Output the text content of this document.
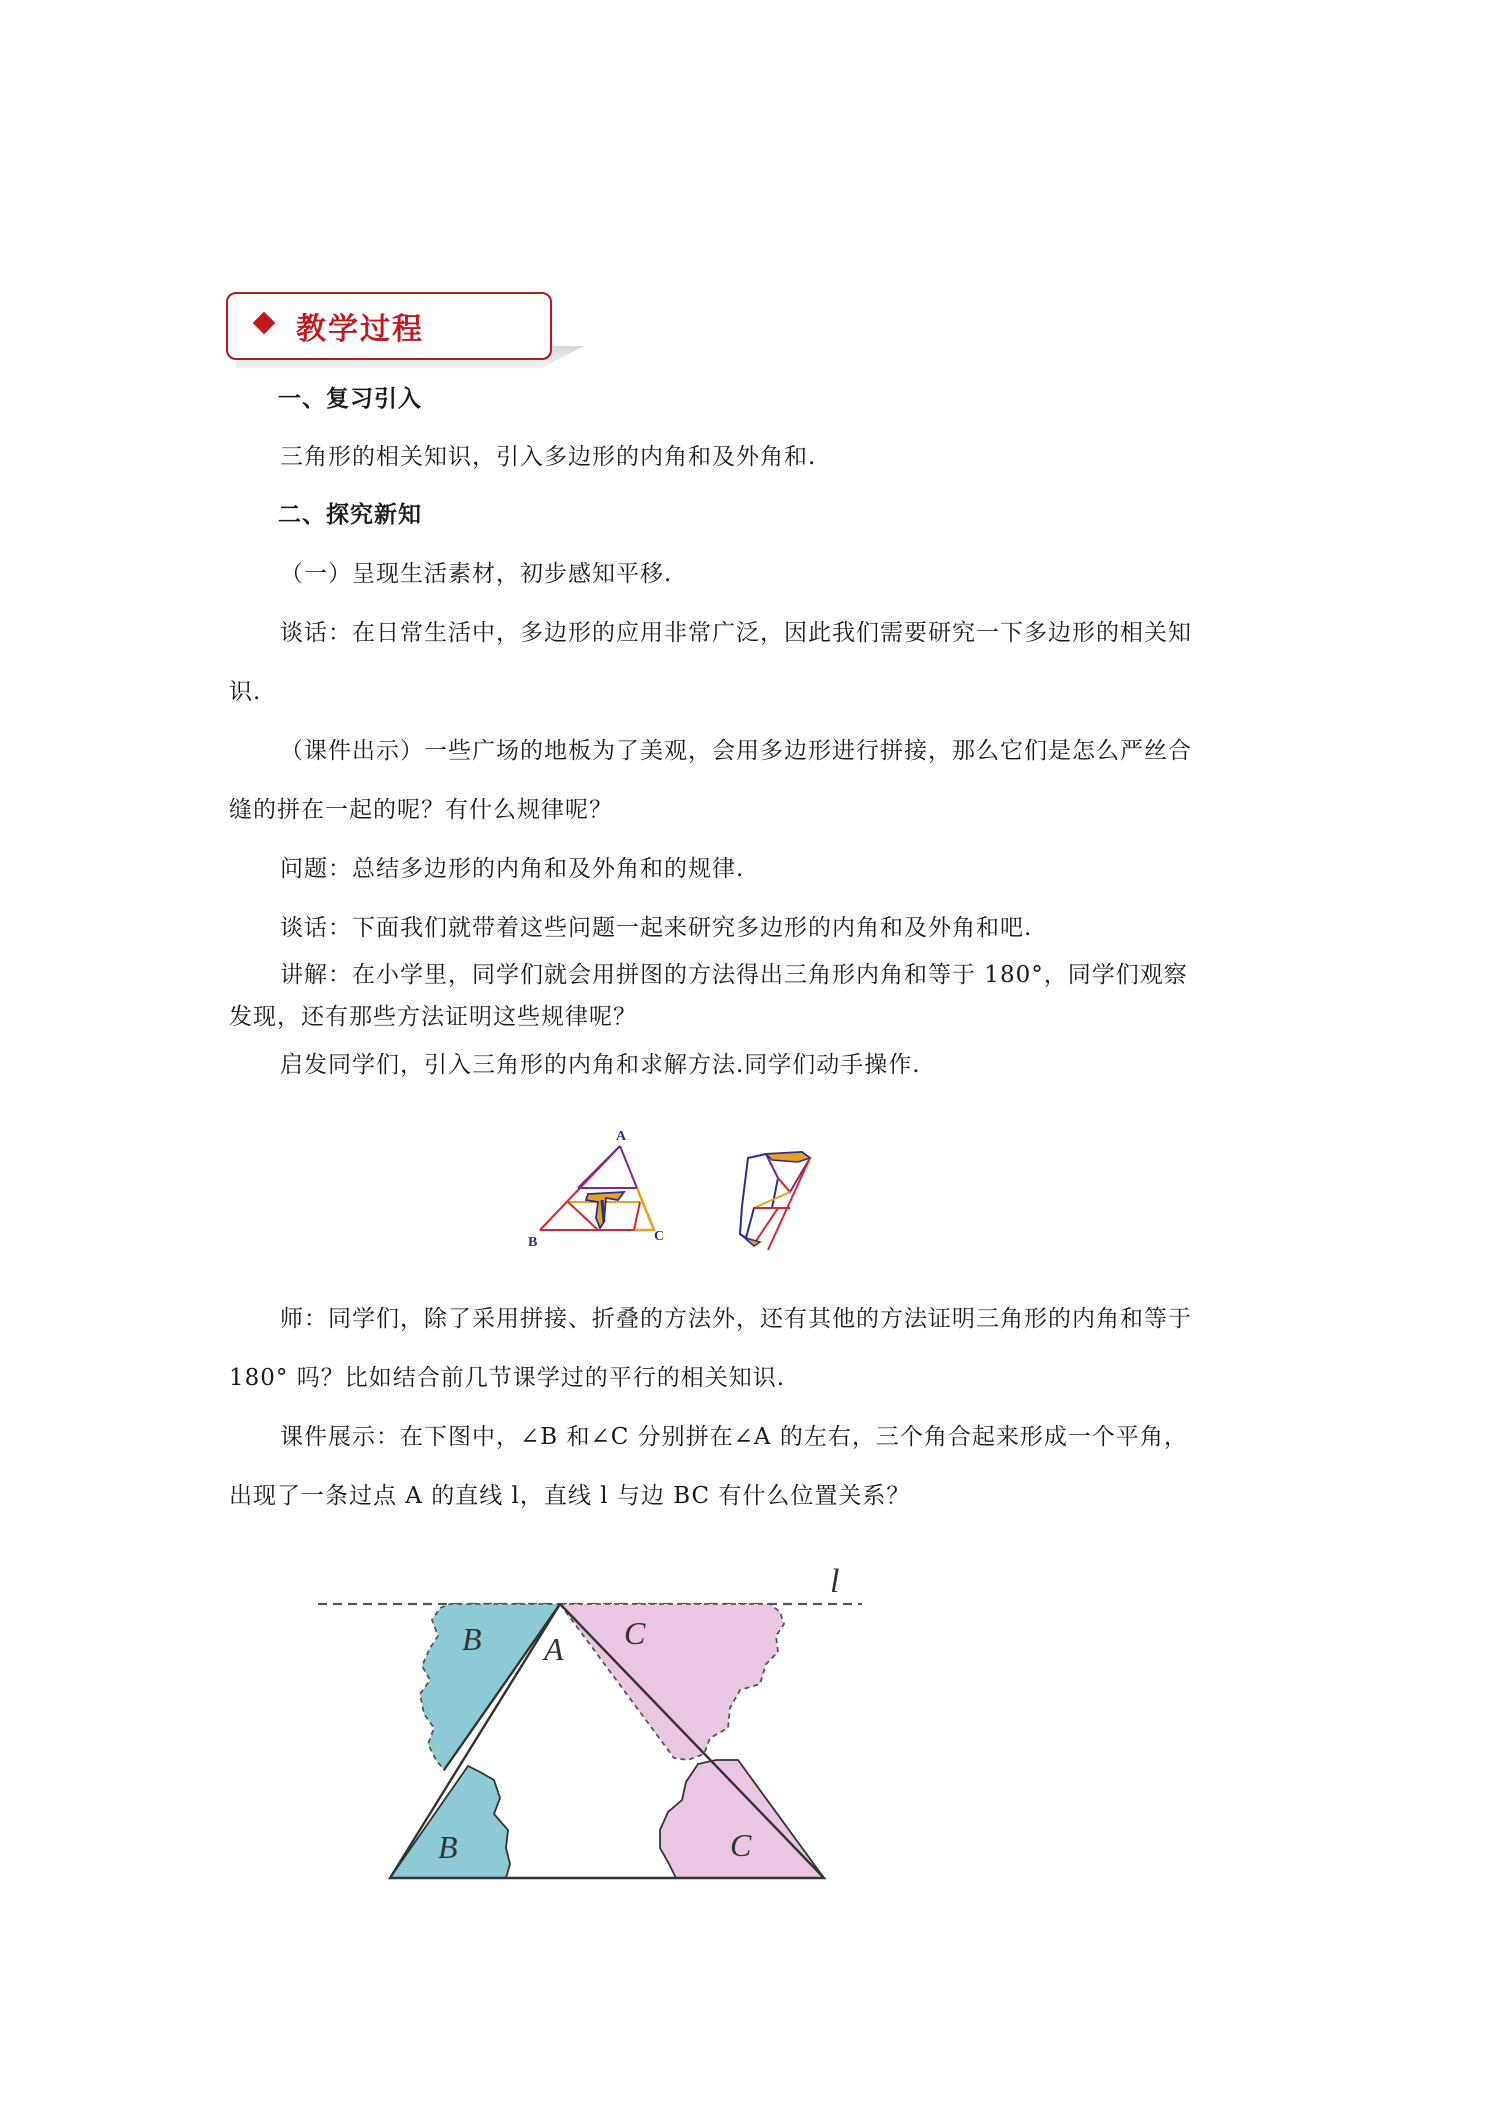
教学过程
一、复习引入
三角形的相关知识，引入多边形的内角和及外角和.
二、探究新知
（一）呈现生活素材，初步感知平移.
谈话：在日常生活中，多边形的应用非常广泛，因此我们需要研究一下多边形的相关知
识.
（课件出示）一些广场的地板为了美观，会用多边形进行拼接，那么它们是怎么严丝合
缝的拼在一起的呢？有什么规律呢？
问题：总结多边形的内角和及外角和的规律.
谈话：下面我们就带着这些问题一起来研究多边形的内角和及外角和吧.
讲解：在小学里，同学们就会用拼图的方法得出三角形内角和等于 180°，同学们观察
发现，还有那些方法证明这些规律呢？
启发同学们，引入三角形的内角和求解方法.同学们动手操作.
A
B	C
师：同学们，除了采用拼接、折叠的方法外，还有其他的方法证明三角形的内角和等于
180° 吗？比如结合前几节课学过的平行的相关知识.
课件展示：在下图中，∠B 和∠C 分别拼在∠A 的左右，三个角合起来形成一个平角，
出现了一条过点 A 的直线 l，直线 l 与边 BC 有什么位置关系？
l
B A C
B	C
